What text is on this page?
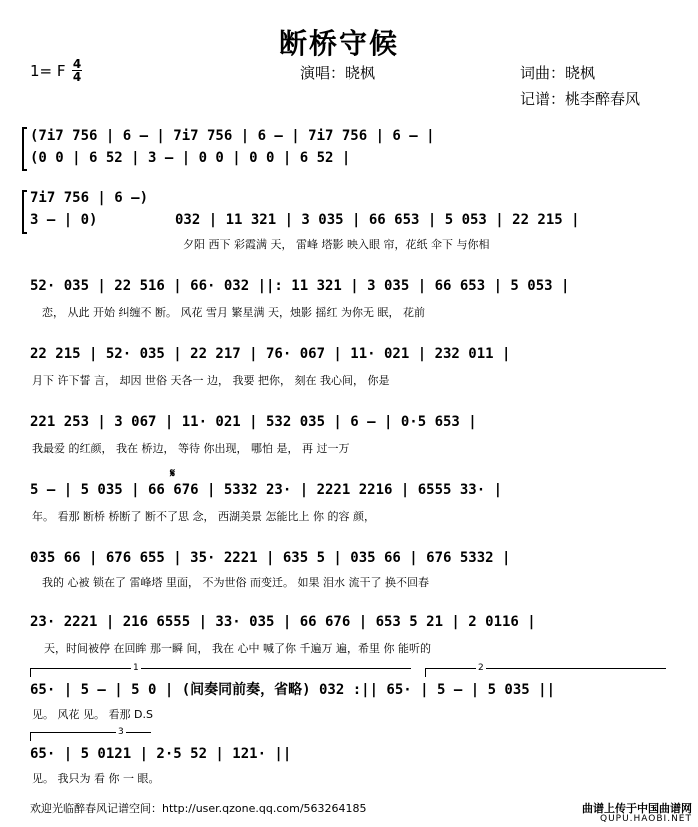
断桥守候
1= F 4
4	演唱：晓枫	词曲：晓枫
记谱：桃李醉春风
(7i7 756 | 6 – | 7i7 756 | 6 – | 7i7 756 | 6 – |
(0 0 | 6 52 | 3 – | 0 0 | 0 0 | 6 52 |
7i7 756 | 6 –)
3 – | 0)	032 | 11 321 | 3 035 | 66 653 | 5 053 | 22 215 |
夕阳 西下 彩霞满 天， 雷峰 塔影 映入眼 帘，花纸 伞下 与你相
52· 035 | 22 516 | 66· 032 ||: 11 321 | 3 035 | 66 653 | 5 053 |
恋， 从此 开始 纠缠不 断。 风花 雪月 繁星满 天，烛影 摇红 为你无 眠， 花前
𝄋
22 215 | 52· 035 | 22 217 | 76· 067 | 11· 021 | 232 011 |
月下 许下誓 言， 却因 世俗 天各一 边， 我要 把你， 刻在 我心间， 你是
221 253 | 3 067 | 11· 021 | 532 035 | 6 – | 0·5 653 |
我最爱 的红颜， 我在 桥边， 等待 你出现， 哪怕 是， 再 过一万
5 – | 5 035 | 66 676 | 5332 23· | 2221 2216 | 6555 33· |
年。 看那 断桥 桥断了 断不了思 念， 西湖美景 怎能比上 你 的容 颜，
035 66 | 676 655 | 35· 2221 | 635 5 | 035 66 | 676 5332 |
我的 心被 锁在了 雷峰塔 里面， 不为世俗 而变迁。 如果 泪水 流干了 换不回春
23· 2221 | 216 6555 | 33· 035 | 66 676 | 653 5 21 | 2 0116 |
天，时间被停 在回眸 那一瞬 间， 我在 心中 喊了你 千遍万 遍，希里 你 能听的
1	2
65· | 5 – | 5 0 | (间奏同前奏，省略) 032 :|| 65· | 5 – | 5 035 ||
见。 风花 见。 看那 D.S
3
65· | 5 0121 | 2·5 52 | 121· ||
见。 我只为 看 你 一 眼。
欢迎光临醉春风记谱空间：http://user.qzone.qq.com/563264185	曲谱上传于中国曲谱网
QUPU.HAOBI.NET
